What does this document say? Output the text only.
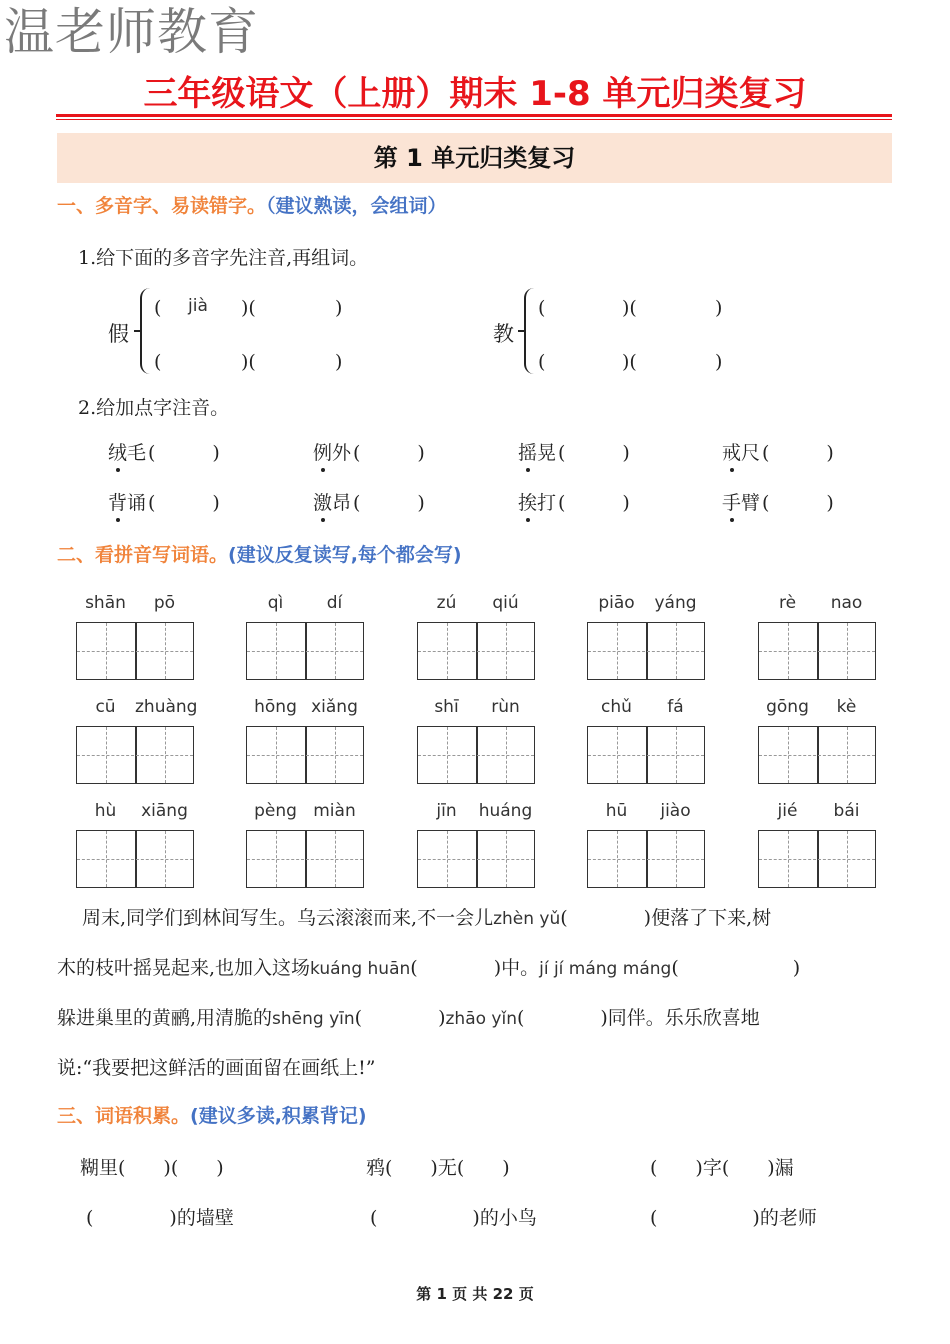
温老师教育
三年级语文（上册）期末 1-8 单元归类复习
第 1 单元归类复习
一、多音字、易读错字。（建议熟读，会组词）
1.给下面的多音字先注音,再组词。
假
( jià )(	)
(	)(	)
教
(	)(	)
(	)(	)
2.给加点字注音。
绒毛 (　　　)	例外 (　　　)	摇晃 (　　　)	戒尺 (　　　)
背诵 (　　　)	激昂 (　　　)	挨打 (　　　)	手臂 (　　　)
二、看拼音写词语。(建议反复读写,每个都会写)
shān	pō	qì	dí	zú	qiú	piāo	yáng	rè	nao
cū	zhuàng	hōng xiǎng	shī	rùn	chǔ	fá	gōng	kè
hù	xiāng	pèng miàn	jīn	huáng	hū	jiào	jié	bái
周末,同学们到林间写生。乌云滚滚而来,不一会儿zhèn yǔ(　　　　)便落了下来,树
木的枝叶摇晃起来,也加入这场kuáng huān(　　　　)中。jí jí máng máng(　　　　　　)
躲进巢里的黄鹂,用清脆的shēng yīn(　　　　)zhāo yǐn(　　　　)同伴。乐乐欣喜地
说:“我要把这鲜活的画面留在画纸上!”
三、词语积累。(建议多读,积累背记)
糊里(　　)(　　)	鸦(　　)无(　　)	(　　)字(　　)漏
(　　　　)的墙壁	(　　　　　)的小鸟	(　　　　　)的老师
第 1 页 共 22 页
